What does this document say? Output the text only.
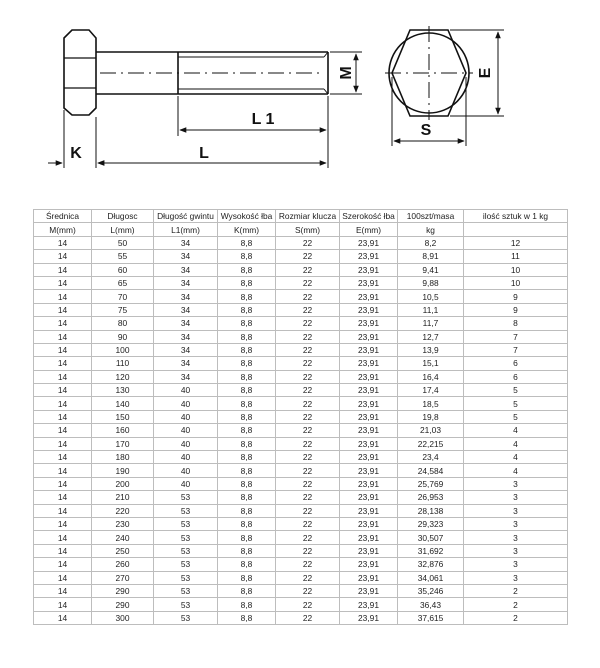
M
L 1
L
K
E
S
Średnica	Długosc	Długość gwintu	Wysokość łba	Rozmiar klucza	Szerokość łba	100szt/masa	ilość sztuk w 1 kg
M(mm)	L(mm)	L1(mm)	K(mm)	S(mm)	E(mm)	kg	
14	50	34	8,8	22	23,91	8,2	12
14	55	34	8,8	22	23,91	8,91	11
14	60	34	8,8	22	23,91	9,41	10
14	65	34	8,8	22	23,91	9,88	10
14	70	34	8,8	22	23,91	10,5	9
14	75	34	8,8	22	23,91	11,1	9
14	80	34	8,8	22	23,91	11,7	8
14	90	34	8,8	22	23,91	12,7	7
14	100	34	8,8	22	23,91	13,9	7
14	110	34	8,8	22	23,91	15,1	6
14	120	34	8,8	22	23,91	16,4	6
14	130	40	8,8	22	23,91	17,4	5
14	140	40	8,8	22	23,91	18,5	5
14	150	40	8,8	22	23,91	19,8	5
14	160	40	8,8	22	23,91	21,03	4
14	170	40	8,8	22	23,91	22,215	4
14	180	40	8,8	22	23,91	23,4	4
14	190	40	8,8	22	23,91	24,584	4
14	200	40	8,8	22	23,91	25,769	3
14	210	53	8,8	22	23,91	26,953	3
14	220	53	8,8	22	23,91	28,138	3
14	230	53	8,8	22	23,91	29,323	3
14	240	53	8,8	22	23,91	30,507	3
14	250	53	8,8	22	23,91	31,692	3
14	260	53	8,8	22	23,91	32,876	3
14	270	53	8,8	22	23,91	34,061	3
14	290	53	8,8	22	23,91	35,246	2
14	290	53	8,8	22	23,91	36,43	2
14	300	53	8,8	22	23,91	37,615	2
